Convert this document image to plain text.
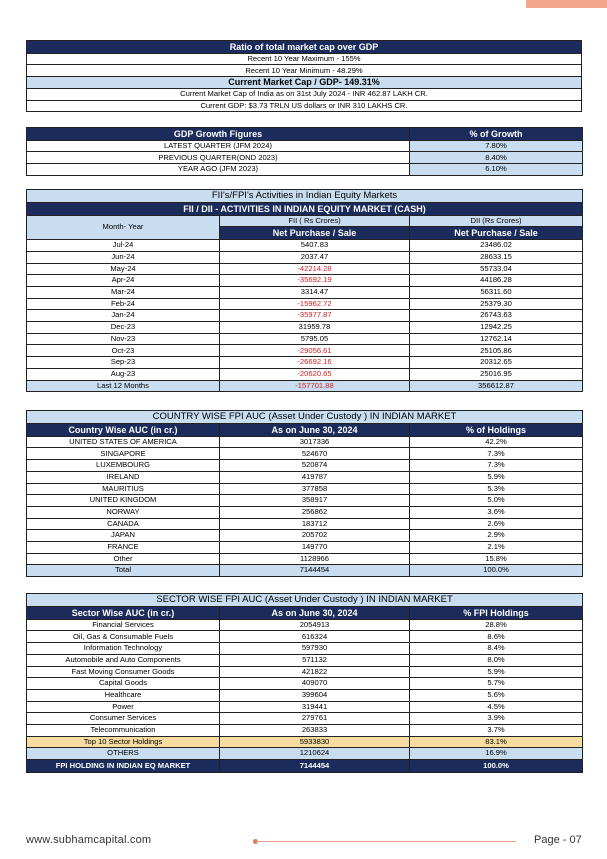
Ratio of total market cap over GDP
Recent 10 Year Maximum - 155%
Recent 10 Year Minimum - 48.29%
Current Market Cap / GDP- 149.31%
Current Market Cap of India as on 31st July 2024 - INR 462.87 LAKH CR.
Current GDP: $3.73 TRLN US dollars or INR 310 LAKHS CR.
GDP Growth Figures	% of Growth
LATEST QUARTER (JFM 2024)	7.80%
PREVIOUS QUARTER(OND 2023)	8.40%
YEAR AGO (JFM 2023)	6.10%
FII's/FPI's Activities in Indian Equity Markets		
FII / DII - ACTIVITIES IN INDIAN EQUITY MARKET (CASH)		
Month- Year	FII ( Rs Crores)	DII (Rs Crores)
	Net Purchase / Sale	Net Purchase / Sale
Jul-24	5407.83	23486.02
Jun-24	2037.47	28633.15
May-24	-42214.28	55733.04
Apr-24	-35692.19	44186.28
Mar-24	3314.47	56311.60
Feb-24	-15962.72	25379.30
Jan-24	-35977.87	26743.63
Dec-23	31959.78	12942.25
Nov-23	5795.05	12762.14
Oct-23	-29056.61	25105.86
Sep-23	-26692.16	20312.65
Aug-23	-20620.65	25016.95
Last 12 Months	-157701.88	356612.87
COUNTRY WISE FPI AUC (Asset Under Custody ) IN INDIAN MARKET		
Country Wise AUC (in cr.)	As on June 30, 2024	% of Holdings
UNITED STATES OF AMERICA	3017336	42.2%
SINGAPORE	524670	7.3%
LUXEMBOURG	520874	7.3%
IRELAND	419787	5.9%
MAURITIUS	377858	5.3%
UNITED KINGDOM	358917	5.0%
NORWAY	256862	3.6%
CANADA	183712	2.6%
JAPAN	205702	2.9%
FRANCE	149770	2.1%
Other	1128966	15.8%
Total	7144454	100.0%
SECTOR WISE FPI AUC (Asset Under Custody ) IN INDIAN MARKET		
Sector Wise AUC (in cr.)	As on June 30, 2024	% FPI Holdings
Financial Services	2054913	28.8%
Oil, Gas & Consumable Fuels	616324	8.6%
Information Technology	597930	8.4%
Automobile and Auto Components	571132	8.0%
Fast Moving Consumer Goods	421822	5.9%
Capital Goods	409070	5.7%
Healthcare	399604	5.6%
Power	319441	4.5%
Consumer Services	279761	3.9%
Telecommunication	263833	3.7%
Top 10 Sector Holdings	5933830	83.1%
OTHERS	1210624	16.9%
FPI HOLDING IN INDIAN EQ MARKET	7144454	100.0%
www.subhamcapital.com	Page - 07
